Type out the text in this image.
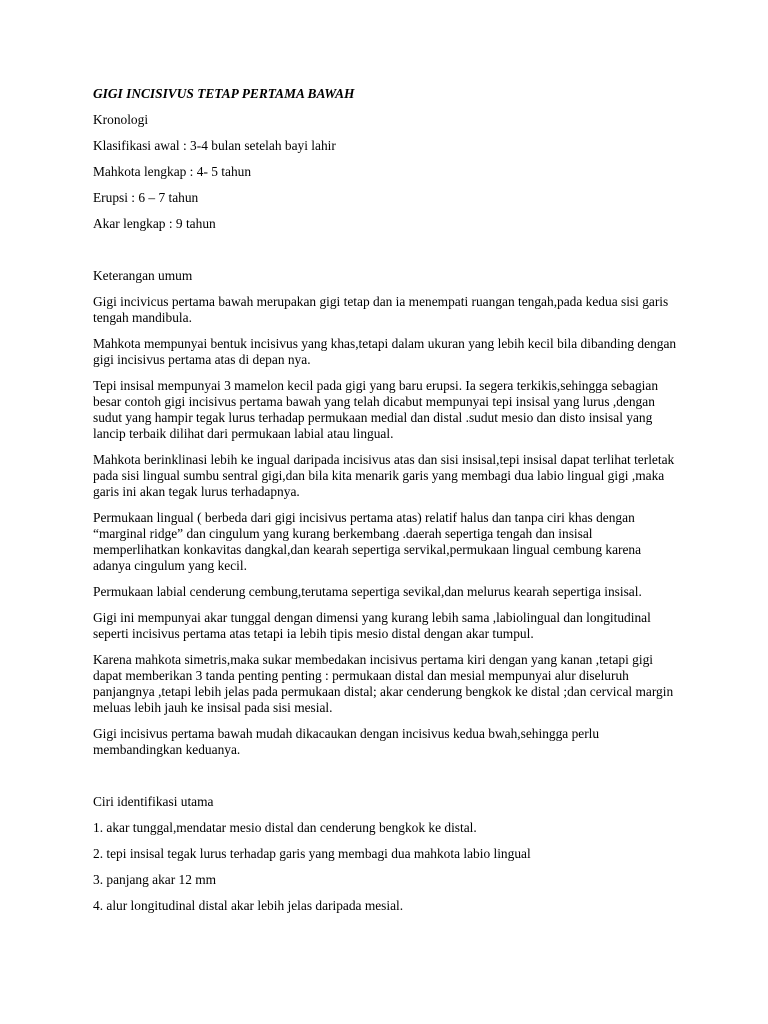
GIGI INCISIVUS TETAP PERTAMA BAWAH
Kronologi
Klasifikasi awal : 3-4 bulan setelah bayi lahir
Mahkota lengkap : 4- 5 tahun
Erupsi : 6 – 7 tahun
Akar lengkap : 9 tahun
Keterangan umum
Gigi incivicus pertama bawah merupakan gigi tetap dan ia menempati ruangan tengah,pada kedua sisi garis tengah mandibula.
Mahkota mempunyai bentuk incisivus yang khas,tetapi dalam ukuran yang lebih kecil bila dibanding dengan gigi incisivus pertama atas di depan nya.
Tepi insisal mempunyai 3 mamelon kecil pada gigi yang baru erupsi. Ia segera terkikis,sehingga sebagian besar contoh gigi incisivus pertama bawah yang telah dicabut mempunyai tepi insisal yang lurus ,dengan sudut yang hampir tegak lurus terhadap permukaan medial dan distal .sudut mesio dan disto insisal yang lancip terbaik dilihat dari permukaan labial atau lingual.
Mahkota berinklinasi lebih ke ingual daripada incisivus atas dan sisi insisal,tepi insisal dapat terlihat terletak pada sisi lingual sumbu sentral gigi,dan bila kita menarik garis yang membagi dua labio lingual gigi ,maka garis ini akan tegak lurus terhadapnya.
Permukaan lingual ( berbeda dari gigi incisivus pertama atas) relatif halus dan tanpa ciri khas dengan “marginal ridge” dan cingulum yang kurang berkembang .daerah sepertiga tengah dan insisal memperlihatkan konkavitas dangkal,dan kearah sepertiga servikal,permukaan lingual cembung karena adanya cingulum yang kecil.
Permukaan labial cenderung cembung,terutama sepertiga sevikal,dan melurus kearah sepertiga insisal.
Gigi ini mempunyai akar tunggal dengan dimensi yang kurang lebih sama ,labiolingual dan longitudinal seperti incisivus pertama atas tetapi ia lebih tipis mesio distal dengan akar tumpul.
Karena mahkota simetris,maka sukar membedakan incisivus pertama kiri dengan yang kanan ,tetapi gigi dapat memberikan 3 tanda penting penting : permukaan distal dan mesial mempunyai alur diseluruh panjangnya ,tetapi lebih jelas pada permukaan distal; akar cenderung bengkok ke distal ;dan cervical margin meluas lebih jauh ke insisal pada sisi mesial.
Gigi incisivus pertama bawah mudah dikacaukan dengan incisivus kedua bwah,sehingga perlu membandingkan keduanya.
Ciri identifikasi utama
1. akar tunggal,mendatar mesio distal dan cenderung bengkok ke distal.
2. tepi insisal tegak lurus terhadap garis yang membagi dua mahkota labio lingual
3. panjang akar 12 mm
4. alur longitudinal distal akar lebih jelas daripada mesial.
